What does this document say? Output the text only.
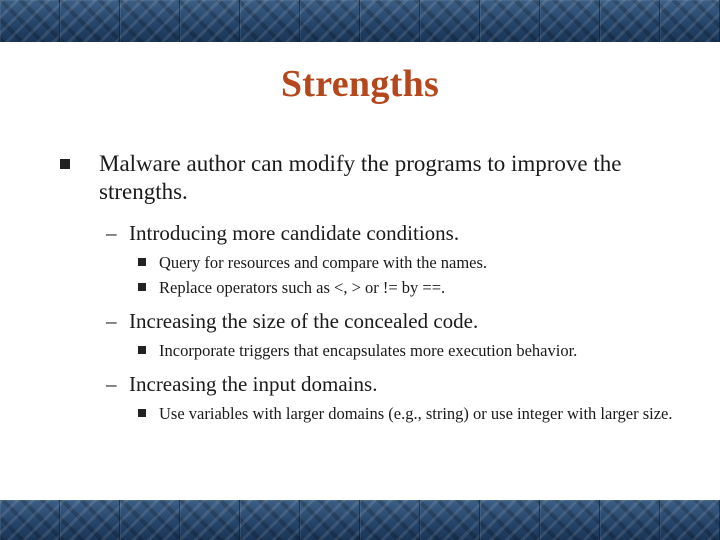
Strengths
Malware author can modify the programs to improve the strengths.
– Introducing more candidate conditions.
Query for resources and compare with the names.
Replace operators such as <, > or != by ==.
– Increasing the size of the concealed code.
Incorporate triggers that encapsulates more execution behavior.
– Increasing the input domains.
Use variables with larger domains (e.g., string) or use integer with larger size.
